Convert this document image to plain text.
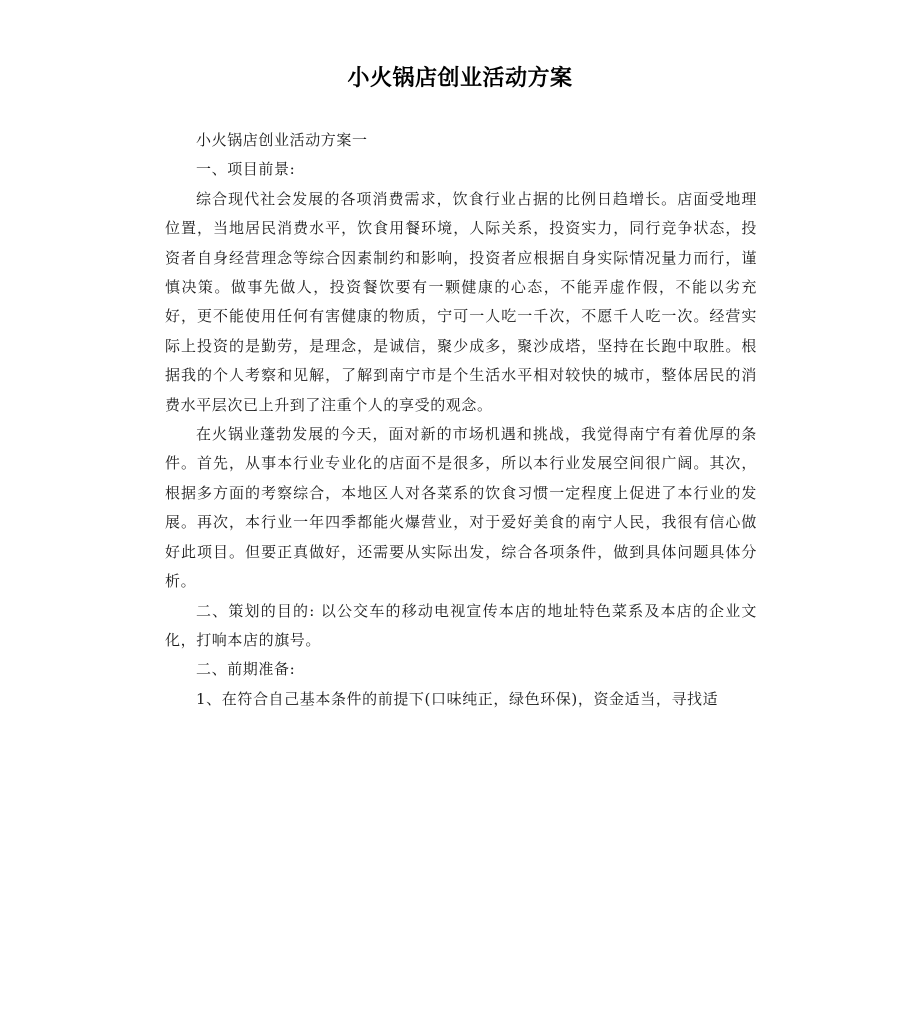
小火锅店创业活动方案

小火锅店创业活动方案一

一、项目前景:

综合现代社会发展的各项消费需求，饮食行业占据的比例日趋增长。店面受地理位置，当地居民消费水平，饮食用餐环境，人际关系，投资实力，同行竞争状态，投资者自身经营理念等综合因素制约和影响，投资者应根据自身实际情况量力而行，谨慎决策。做事先做人，投资餐饮要有一颗健康的心态，不能弄虚作假，不能以劣充好，更不能使用任何有害健康的物质，宁可一人吃一千次，不愿千人吃一次。经营实际上投资的是勤劳，是理念，是诚信，聚少成多，聚沙成塔，坚持在长跑中取胜。根据我的个人考察和见解，了解到南宁市是个生活水平相对较快的城市，整体居民的消费水平层次已上升到了注重个人的享受的观念。

在火锅业蓬勃发展的今天，面对新的市场机遇和挑战，我觉得南宁有着优厚的条件。首先，从事本行业专业化的店面不是很多，所以本行业发展空间很广阔。其次，根据多方面的考察综合，本地区人对各菜系的饮食习惯一定程度上促进了本行业的发展。再次，本行业一年四季都能火爆营业，对于爱好美食的南宁人民，我很有信心做好此项目。但要正真做好，还需要从实际出发，综合各项条件，做到具体问题具体分析。

二、策划的目的: 以公交车的移动电视宣传本店的地址特色菜系及本店的企业文化，打响本店的旗号。

二、前期准备:

1、在符合自己基本条件的前提下(口味纯正，绿色环保)，资金适当，寻找适
